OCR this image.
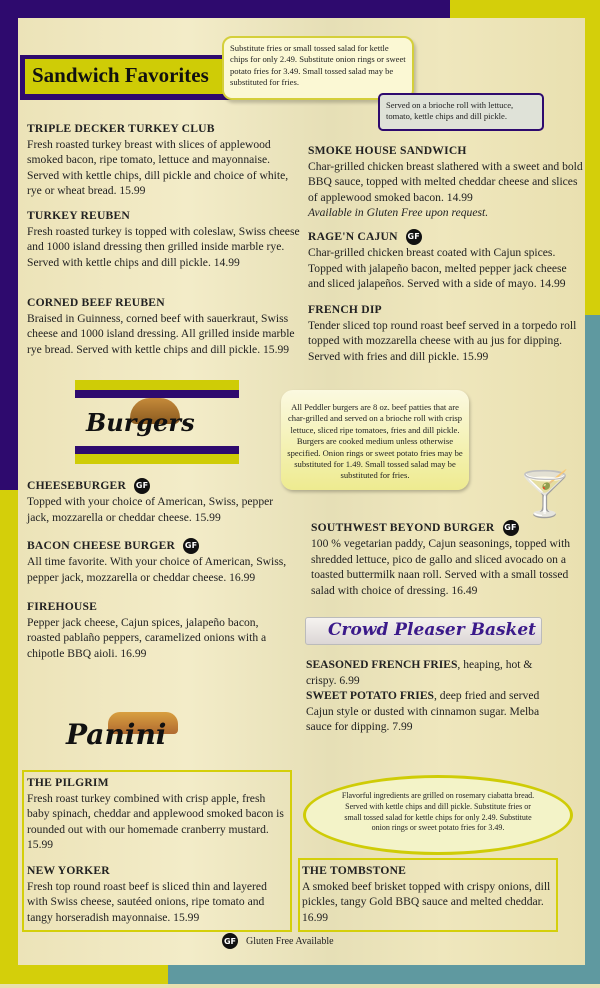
Sandwich Favorites
Substitute fries or small tossed salad for kettle chips for only 2.49. Substitute onion rings or sweet potato fries for 3.49. Small tossed salad may be substituted for fries.
Served on a brioche roll with lettuce, tomato, kettle chips and dill pickle.
TRIPLE DECKER TURKEY CLUB

Fresh roasted turkey breast with slices of applewood smoked bacon, ripe tomato, lettuce and mayonnaise. Served with kettle chips, dill pickle and choice of white, rye or wheat bread. 15.99

TURKEY REUBEN

Fresh roasted turkey is topped with coleslaw, Swiss cheese and 1000 island dressing then grilled inside marble rye. Served with kettle chips and dill pickle. 14.99

CORNED BEEF REUBEN

Braised in Guinness, corned beef with sauerkraut, Swiss cheese and 1000 island dressing. All grilled inside marble rye bread. Served with kettle chips and dill pickle. 15.99

SMOKE HOUSE SANDWICH

Char-grilled chicken breast slathered with a sweet and bold BBQ sauce, topped with melted cheddar cheese and slices of applewood smoked bacon. 14.99

Available in Gluten Free upon request.

RAGE'N CAJUN GF

Char-grilled chicken breast coated with Cajun spices. Topped with jalapeño bacon, melted pepper jack cheese and sliced jalapeños. Served with a side of mayo. 14.99

FRENCH DIP

Tender sliced top round roast beef served in a torpedo roll topped with mozzarella cheese with au jus for dipping. Served with fries and dill pickle. 15.99

Burgers
All Peddler burgers are 8 oz. beef patties that are char-grilled and served on a brioche roll with crisp lettuce, sliced ripe tomatoes, fries and dill pickle. Burgers are cooked medium unless otherwise specified. Onion rings or sweet potato fries may be substituted for 1.49. Small tossed salad may be substituted for fries.	🍸
CHEESEBURGER GF

Topped with your choice of American, Swiss, pepper jack, mozzarella or cheddar cheese. 15.99

BACON CHEESE BURGER GF

All time favorite. With your choice of American, Swiss, pepper jack, mozzarella or cheddar cheese. 16.99

FIREHOUSE

Pepper jack cheese, Cajun spices, jalapeño bacon, roasted pablaño peppers, caramelized onions with a chipotle BBQ aioli. 16.99

SOUTHWEST BEYOND BURGER GF

100 % vegetarian paddy, Cajun seasonings, topped with shredded lettuce, pico de gallo and sliced avocado on a toasted buttermilk naan roll. Served with a small tossed salad with choice of dressing. 16.49

Crowd Pleaser Basket

SEASONED FRENCH FRIES, heaping, hot & crispy. 6.99

SWEET POTATO FRIES, deep fried and served Cajun style or dusted with cinnamon sugar. Melba sauce for dipping. 7.99

Panini
THE PILGRIM

Fresh roast turkey combined with crisp apple, fresh baby spinach, cheddar and applewood smoked bacon is rounded out with our homemade cranberry mustard. 15.99

NEW YORKER

Fresh top round roast beef is sliced thin and layered with Swiss cheese, sautéed onions, ripe tomato and tangy horseradish mayonnaise. 15.99

Flavorful ingredients are grilled on rosemary ciabatta bread. Served with kettle chips and dill pickle. Substitute fries or small tossed salad for kettle chips for only 2.49. Substitute onion rings or sweet potato fries for 3.49.
THE TOMBSTONE

A smoked beef brisket topped with crispy onions, dill pickles, tangy Gold BBQ sauce and melted cheddar. 16.99

GF Gluten Free Available
